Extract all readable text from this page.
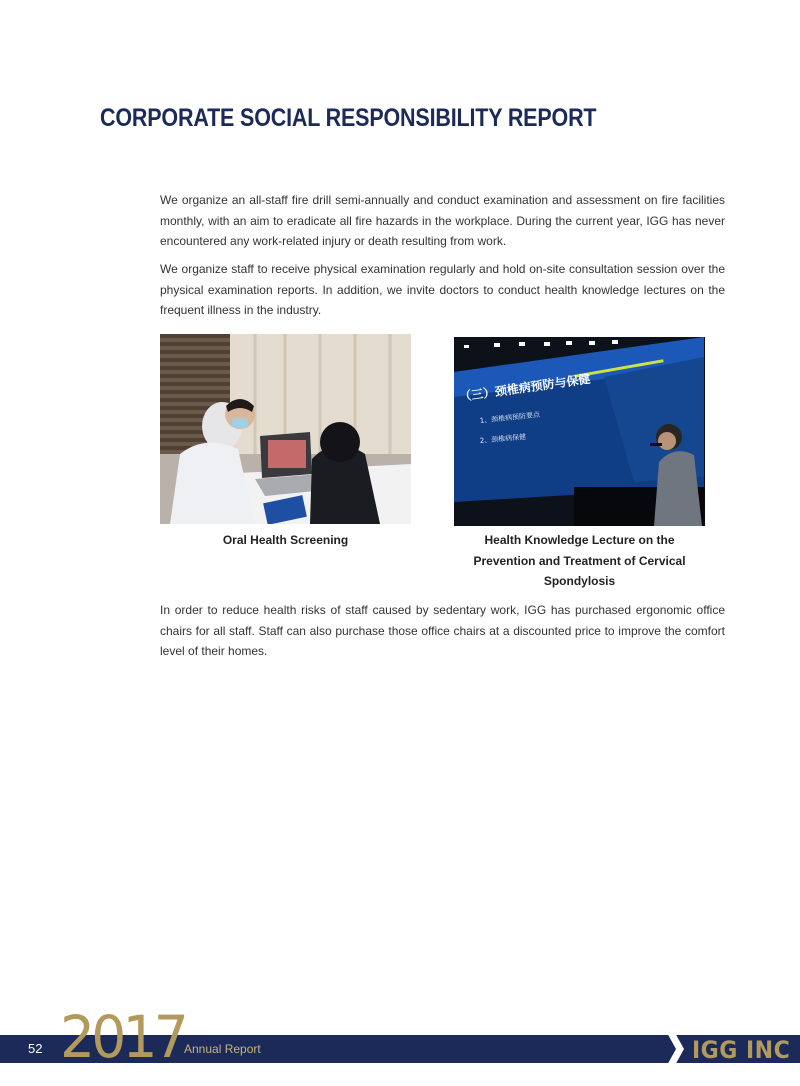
CORPORATE SOCIAL RESPONSIBILITY REPORT

We organize an all-staff fire drill semi-annually and conduct examination and assessment on fire facilities monthly, with an aim to eradicate all fire hazards in the workplace. During the current year, IGG has never encountered any work-related injury or death resulting from work.

We organize staff to receive physical examination regularly and hold on-site consultation session over the physical examination reports. In addition, we invite doctors to conduct health knowledge lectures on the frequent illness in the industry.

（三）颈椎病预防与保健
1、颈椎病预防要点
2、颈椎病保健

Oral Health Screening	Health Knowledge Lecture on the Prevention and Treatment of Cervical Spondylosis

In order to reduce health risks of staff caused by sedentary work, IGG has purchased ergonomic office chairs for all staff. Staff can also purchase those office chairs at a discounted price to improve the comfort level of their homes.

52 2017
Annual Report	IGG INC
